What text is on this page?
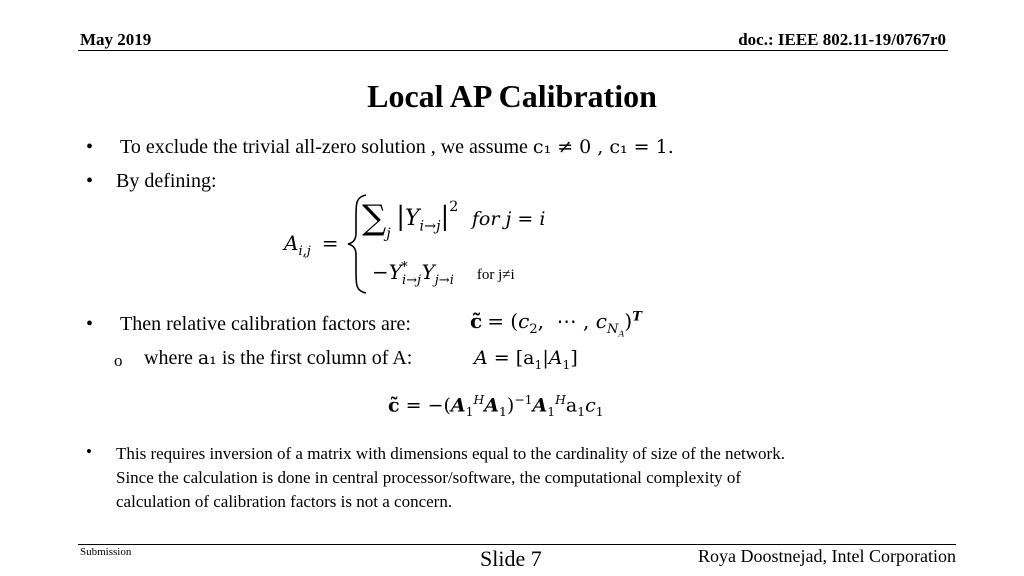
May 2019	doc.: IEEE 802.11-19/0767r0
Local AP Calibration
• To exclude the trivial all-zero solution , we assume c₁ ≠ 0 , c₁ = 1.
• By defining:
$A_{i,j}$ =
$\sum_j$ $|Y_{i\to j}|^2$ for j = i
$-Y_{i\to j}^*$ $Y_{j\to i}$ for j≠i
• Then relative calibration factors are:	c̃ = ($c_2$,  ⋯ , $c_{N_A})^T$
o where a₁ is the first column of A:	$A = [a_1|A_1]$
c̃ = $-(A_1^HA_1)^{-1}A_1^Ha_1c_1$
• This requires inversion of a matrix with dimensions equal to the cardinality of size of the network.
Since the calculation is done in central processor/software, the computational complexity of
calculation of calibration factors is not a concern.
Submission	Slide 7	Roya Doostnejad, Intel Corporation
